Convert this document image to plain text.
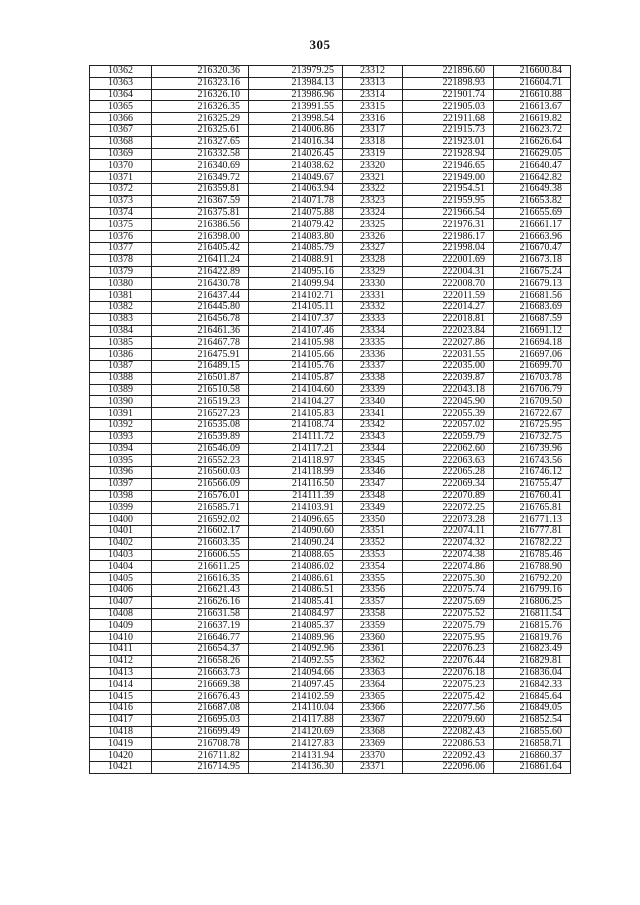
305
10362	216320.36	213979.25	23312	221896.60	216600.84
10363	216323.16	213984.13	23313	221898.93	216604.71
10364	216326.10	213986.96	23314	221901.74	216610.88
10365	216326.35	213991.55	23315	221905.03	216613.67
10366	216325.29	213998.54	23316	221911.68	216619.82
10367	216325.61	214006.86	23317	221915.73	216623.72
10368	216327.65	214016.34	23318	221923.01	216626.64
10369	216332.58	214026.45	23319	221928.94	216629.05
10370	216340.69	214038.62	23320	221946.65	216640.47
10371	216349.72	214049.67	23321	221949.00	216642.82
10372	216359.81	214063.94	23322	221954.51	216649.38
10373	216367.59	214071.78	23323	221959.95	216653.82
10374	216375.81	214075.88	23324	221966.54	216655.69
10375	216386.56	214079.42	23325	221976.31	216661.17
10376	216398.00	214083.80	23326	221986.17	216663.96
10377	216405.42	214085.79	23327	221998.04	216670.47
10378	216411.24	214088.91	23328	222001.69	216673.18
10379	216422.89	214095.16	23329	222004.31	216675.24
10380	216430.78	214099.94	23330	222008.70	216679.13
10381	216437.44	214102.71	23331	222011.59	216681.56
10382	216445.80	214105.11	23332	222014.27	216683.69
10383	216456.78	214107.37	23333	222018.81	216687.59
10384	216461.36	214107.46	23334	222023.84	216691.12
10385	216467.78	214105.98	23335	222027.86	216694.18
10386	216475.91	214105.66	23336	222031.55	216697.06
10387	216489.15	214105.76	23337	222035.00	216699.70
10388	216501.87	214105.87	23338	222039.87	216703.78
10389	216510.58	214104.60	23339	222043.18	216706.79
10390	216519.23	214104.27	23340	222045.90	216709.50
10391	216527.23	214105.83	23341	222055.39	216722.67
10392	216535.08	214108.74	23342	222057.02	216725.95
10393	216539.89	214111.72	23343	222059.79	216732.75
10394	216546.09	214117.21	23344	222062.60	216739.96
10395	216552.23	214118.97	23345	222063.63	216743.56
10396	216560.03	214118.99	23346	222065.28	216746.12
10397	216566.09	214116.50	23347	222069.34	216755.47
10398	216576.01	214111.39	23348	222070.89	216760.41
10399	216585.71	214103.91	23349	222072.25	216765.81
10400	216592.02	214096.65	23350	222073.28	216771.13
10401	216602.17	214090.60	23351	222074.11	216777.81
10402	216603.35	214090.24	23352	222074.32	216782.22
10403	216606.55	214088.65	23353	222074.38	216785.46
10404	216611.25	214086.02	23354	222074.86	216788.90
10405	216616.35	214086.61	23355	222075.30	216792.20
10406	216621.43	214086.51	23356	222075.74	216799.16
10407	216626.16	214085.41	23357	222075.69	216806.25
10408	216631.58	214084.97	23358	222075.52	216811.54
10409	216637.19	214085.37	23359	222075.79	216815.76
10410	216646.77	214089.96	23360	222075.95	216819.76
10411	216654.37	214092.96	23361	222076.23	216823.49
10412	216658.26	214092.55	23362	222076.44	216829.81
10413	216663.73	214094.66	23363	222076.18	216836.04
10414	216669.38	214097.45	23364	222075.23	216842.33
10415	216676.43	214102.59	23365	222075.42	216845.64
10416	216687.08	214110.04	23366	222077.56	216849.05
10417	216695.03	214117.88	23367	222079.60	216852.54
10418	216699.49	214120.69	23368	222082.43	216855.60
10419	216708.78	214127.83	23369	222086.53	216858.71
10420	216711.82	214131.94	23370	222092.43	216860.37
10421	216714.95	214136.30	23371	222096.06	216861.64
